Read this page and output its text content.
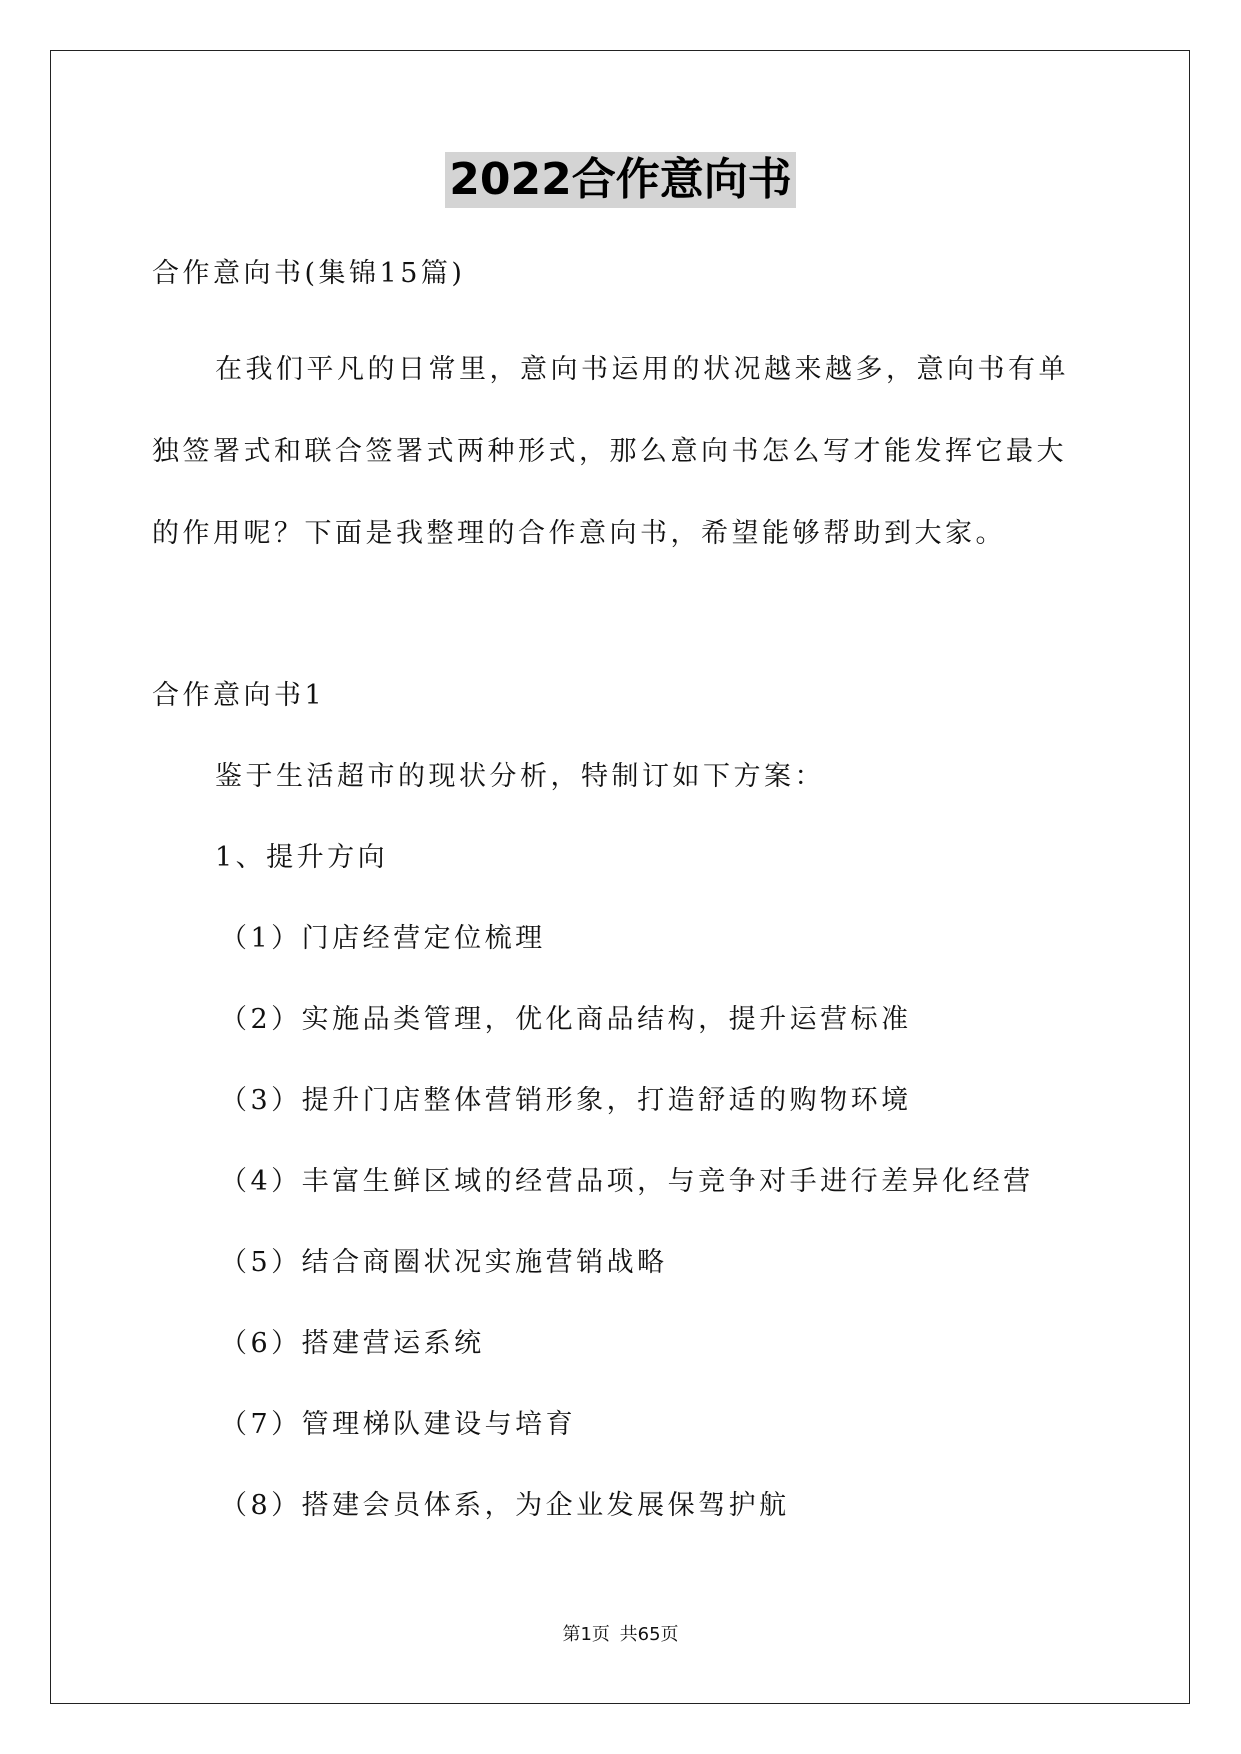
2022合作意向书
合作意向书(集锦15篇)
在我们平凡的日常里，意向书运用的状况越来越多，意向书有单
独签署式和联合签署式两种形式，那么意向书怎么写才能发挥它最大
的作用呢？下面是我整理的合作意向书，希望能够帮助到大家。
合作意向书1
鉴于生活超市的现状分析，特制订如下方案：
1、提升方向
（1）门店经营定位梳理
（2）实施品类管理，优化商品结构，提升运营标准
（3）提升门店整体营销形象，打造舒适的购物环境
（4）丰富生鲜区域的经营品项，与竞争对手进行差异化经营
（5）结合商圈状况实施营销战略
（6）搭建营运系统
（7）管理梯队建设与培育
（8）搭建会员体系，为企业发展保驾护航
第1页 共65页
